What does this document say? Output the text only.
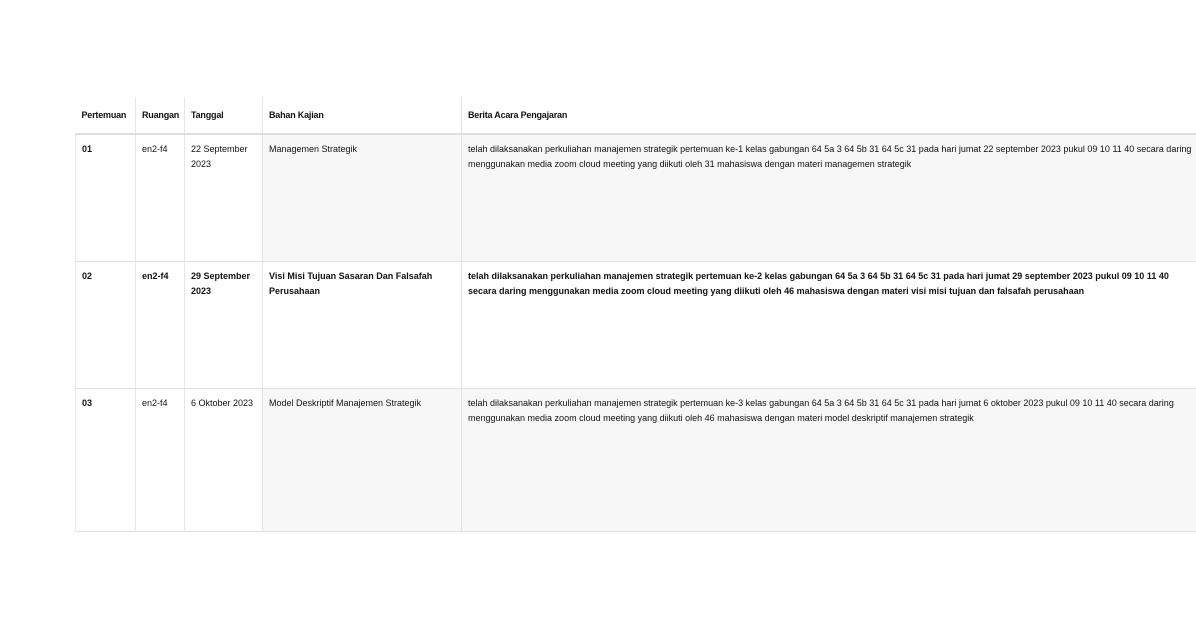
Pertemuan	Ruangan	Tanggal	Bahan Kajian	Berita Acara Pengajaran
01	en2-f4	22 September 2023	Managemen Strategik	telah dilaksanakan perkuliahan manajemen strategik pertemuan ke-1 kelas gabungan 64 5a 3 64 5b 31 64 5c 31 pada hari jumat 22 september 2023 pukul 09 10 11 40 secara daring menggunakan media zoom cloud meeting yang diikuti oleh 31 mahasiswa dengan materi managemen strategik
02	en2-f4	29 September 2023	Visi Misi Tujuan Sasaran Dan Falsafah Perusahaan	telah dilaksanakan perkuliahan manajemen strategik pertemuan ke-2 kelas gabungan 64 5a 3 64 5b 31 64 5c 31 pada hari jumat 29 september 2023 pukul 09 10 11 40 secara daring menggunakan media zoom cloud meeting yang diikuti oleh 46 mahasiswa dengan materi visi misi tujuan dan falsafah perusahaan
03	en2-f4	6 Oktober 2023	Model Deskriptif Manajemen Strategik	telah dilaksanakan perkuliahan manajemen strategik pertemuan ke-3 kelas gabungan 64 5a 3 64 5b 31 64 5c 31 pada hari jumat 6 oktober 2023 pukul 09 10 11 40 secara daring menggunakan media zoom cloud meeting yang diikuti oleh 46 mahasiswa dengan materi model deskriptif manajemen strategik
